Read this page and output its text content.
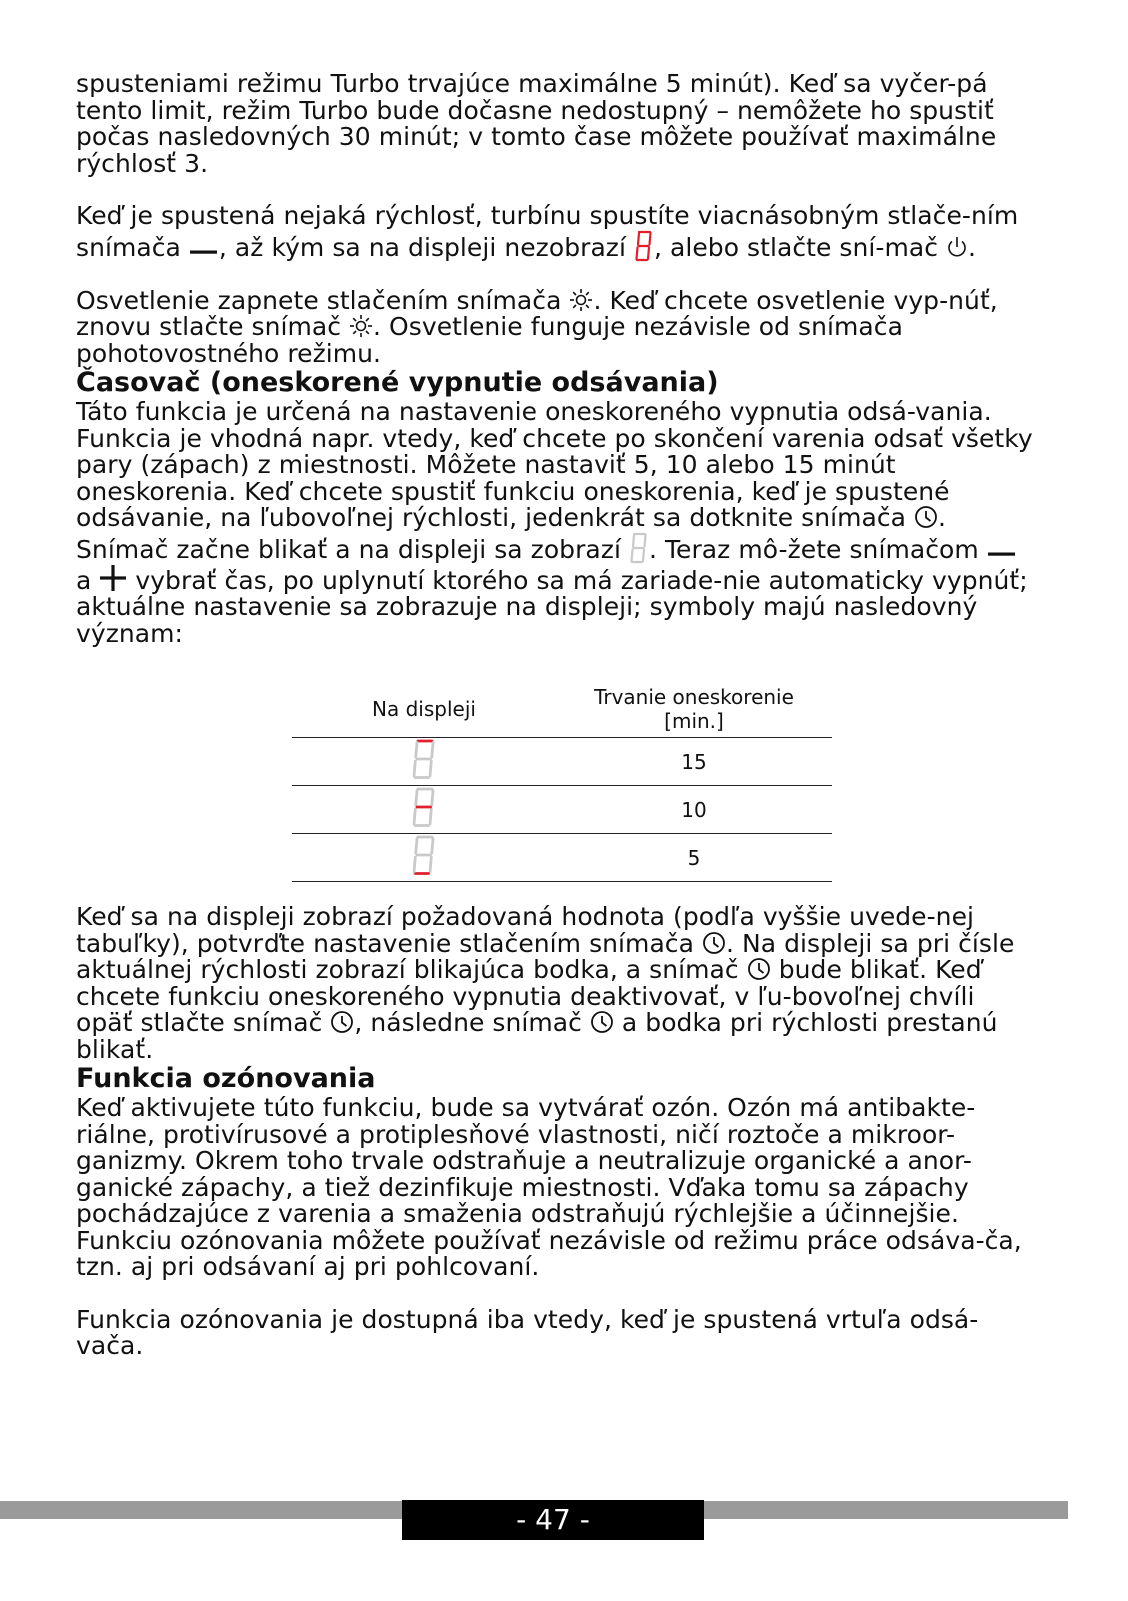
spusteniami režimu Turbo trvajúce maximálne 5 minút). Keď sa vyčer-pá tento limit, režim Turbo bude dočasne nedostupný – nemôžete ho spustiť počas nasledovných 30 minút; v tomto čase môžete používať maximálne rýchlosť 3.

Keď je spustená nejaká rýchlosť, turbínu spustíte viacnásobným stlače-ním snímača , až kým sa na displeji nezobrazí , alebo stlačte sní-mač .

Osvetlenie zapnete stlačením snímača . Keď chcete osvetlenie vyp-núť, znovu stlačte snímač . Osvetlenie funguje nezávisle od snímača pohotovostného režimu.

Časovač (oneskorené vypnutie odsávania)

Táto funkcia je určená na nastavenie oneskoreného vypnutia odsá-vania. Funkcia je vhodná napr. vtedy, keď chcete po skončení varenia odsať všetky pary (zápach) z miestnosti. Môžete nastaviť 5, 10 alebo 15 minút oneskorenia. Keď chcete spustiť funkciu oneskorenia, keď je spustené odsávanie, na ľubovoľnej rýchlosti, jedenkrát sa dotknite snímača . Snímač začne blikať a na displeji sa zobrazí . Teraz mô-žete snímačom  a  vybrať čas, po uplynutí ktorého sa má zariade-nie automaticky vypnúť; aktuálne nastavenie sa zobrazuje na displeji; symboly majú nasledovný význam:

Na displeji	Trvanie oneskorenie
[min.]
	15
	10
	5

Keď sa na displeji zobrazí požadovaná hodnota (podľa vyššie uvede-nej tabuľky), potvrďte nastavenie stlačením snímača . Na displeji sa pri čísle aktuálnej rýchlosti zobrazí blikajúca bodka, a snímač  bude blikať. Keď chcete funkciu oneskoreného vypnutia deaktivovať, v ľu-bovoľnej chvíli opäť stlačte snímač , následne snímač  a bodka pri rýchlosti prestanú blikať.

Funkcia ozónovania

Keď aktivujete túto funkciu, bude sa vytvárať ozón. Ozón má antibakte-riálne, protivírusové a protiplesňové vlastnosti, ničí roztoče a mikroor-ganizmy. Okrem toho trvale odstraňuje a neutralizuje organické a anor-ganické zápachy, a tiež dezinfikuje miestnosti. Vďaka tomu sa zápachy pochádzajúce z varenia a smaženia odstraňujú rýchlejšie a účinnejšie. Funkciu ozónovania môžete používať nezávisle od režimu práce odsáva-ča, tzn. aj pri odsávaní aj pri pohlcovaní.

Funkcia ozónovania je dostupná iba vtedy, keď je spustená vrtuľa odsá-vača.

- 47 -
